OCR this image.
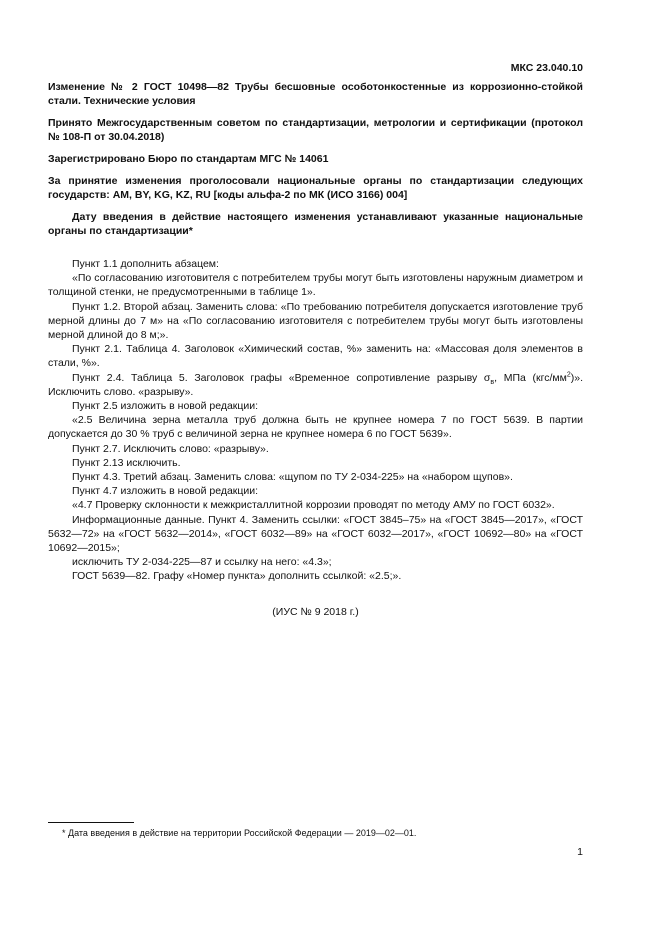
МКС 23.040.10

Изменение № 2 ГОСТ 10498—82 Трубы бесшовные особотонкостенные из коррозионно-стойкой стали. Технические условия

Принято Межгосударственным советом по стандартизации, метрологии и сертификации (протокол № 108-П от 30.04.2018)

Зарегистрировано Бюро по стандартам МГС № 14061

За принятие изменения проголосовали национальные органы по стандартизации следующих государств: AM, BY, KG, KZ, RU [коды альфа-2 по МК (ИСО 3166) 004]

Дату введения в действие настоящего изменения устанавливают указанные национальные органы по стандартизации*

Пункт 1.1 дополнить абзацем:

«По согласованию изготовителя с потребителем трубы могут быть изготовлены наружным диаметром и толщиной стенки, не предусмотренными в таблице 1».

Пункт 1.2. Второй абзац. Заменить слова: «По требованию потребителя допускается изготовление труб мерной длины до 7 м» на «По согласованию изготовителя с потребителем трубы могут быть изготовлены мерной длиной до 8 м;».

Пункт 2.1. Таблица 4. Заголовок «Химический состав, %» заменить на: «Массовая доля элементов в стали, %».

Пункт 2.4. Таблица 5. Заголовок графы «Временное сопротивление разрыву $\sigma_в$, МПа $(кгс/мм^2)$». Исключить слово. «разрыву».

Пункт 2.5 изложить в новой редакции:

«2.5 Величина зерна металла труб должна быть не крупнее номера 7 по ГОСТ 5639. В партии допускается до 30 % труб с величиной зерна не крупнее номера 6 по ГОСТ 5639».

Пункт 2.7. Исключить слово: «разрыву».

Пункт 2.13 исключить.

Пункт 4.3. Третий абзац. Заменить слова: «щупом по ТУ 2-034-225» на «набором щупов».

Пункт 4.7 изложить в новой редакции:

«4.7 Проверку склонности к межкристаллитной коррозии проводят по методу АМУ по ГОСТ 6032».

Информационные данные. Пункт 4. Заменить ссылки: «ГОСТ 3845–75» на «ГОСТ 3845—2017», «ГОСТ 5632—72» на «ГОСТ 5632—2014», «ГОСТ 6032—89» на «ГОСТ 6032—2017», «ГОСТ 10692—80» на «ГОСТ 10692—2015»;

исключить ТУ 2-034-225—87 и ссылку на него: «4.3»;

ГОСТ 5639—82. Графу «Номер пункта» дополнить ссылкой: «2.5;».

(ИУС № 9 2018 г.)
* Дата введения в действие на территории Российской Федерации — 2019—02—01.
1
